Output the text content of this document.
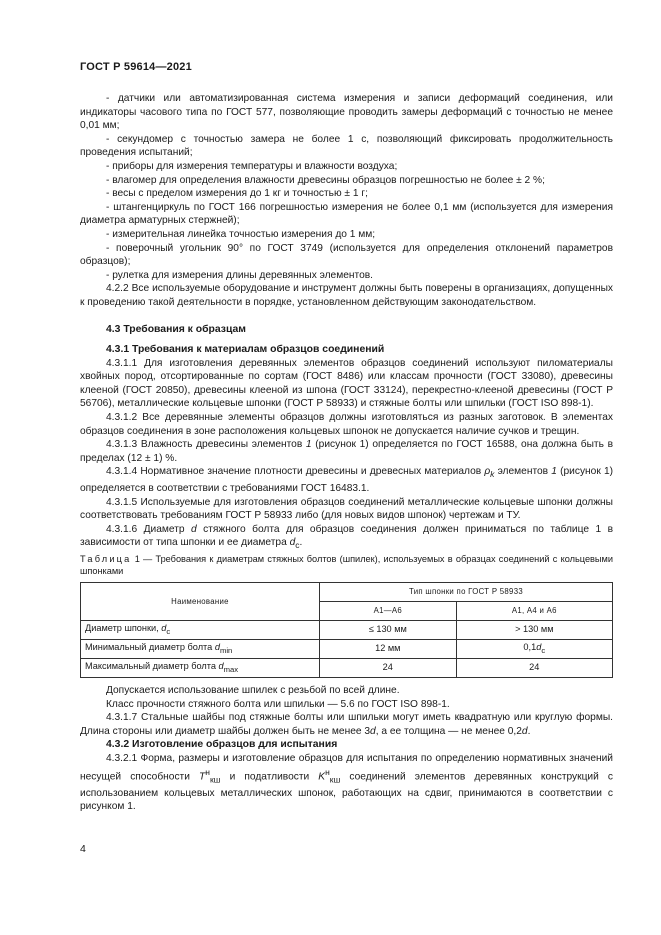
ГОСТ Р 59614—2021

- датчики или автоматизированная система измерения и записи деформаций соединения, или индикаторы часового типа по ГОСТ 577, позволяющие проводить замеры деформаций с точностью не менее 0,01 мм;

- секундомер с точностью замера не более 1 с, позволяющий фиксировать продолжительность проведения испытаний;

- приборы для измерения температуры и влажности воздуха;

- влагомер для определения влажности древесины образцов погрешностью не более ± 2 %;

- весы с пределом измерения до 1 кг и точностью ± 1 г;

- штангенциркуль по ГОСТ 166 погрешностью измерения не более 0,1 мм (используется для измерения диаметра арматурных стержней);

- измерительная линейка точностью измерения до 1 мм;

- поверочный угольник 90° по ГОСТ 3749 (используется для определения отклонений параметров образцов);

- рулетка для измерения длины деревянных элементов.

4.2.2 Все используемые оборудование и инструмент должны быть поверены в организациях, допущенных к проведению такой деятельности в порядке, установленном действующим законодательством.

4.3 Требования к образцам
4.3.1 Требования к материалам образцов соединений

4.3.1.1 Для изготовления деревянных элементов образцов соединений используют пиломатериалы хвойных пород, отсортированные по сортам (ГОСТ 8486) или классам прочности (ГОСТ 33080), древесины клееной (ГОСТ 20850), древесины клееной из шпона (ГОСТ 33124), перекрестно-клееной древесины (ГОСТ Р 56706), металлические кольцевые шпонки (ГОСТ Р 58933) и стяжные болты или шпильки (ГОСТ ISO 898-1).

4.3.1.2 Все деревянные элементы образцов должны изготовляться из разных заготовок. В элементах образцов соединения в зоне расположения кольцевых шпонок не допускается наличие сучков и трещин.

4.3.1.3 Влажность древесины элементов 1 (рисунок 1) определяется по ГОСТ 16588, она должна быть в пределах (12 ± 1) %.

4.3.1.4 Нормативное значение плотности древесины и древесных материалов $\rho_k$ элементов 1 (рисунок 1) определяется в соответствии с требованиями ГОСТ 16483.1.

4.3.1.5 Используемые для изготовления образцов соединений металлические кольцевые шпонки должны соответствовать требованиям ГОСТ Р 58933 либо (для новых видов шпонок) чертежам и ТУ.

4.3.1.6 Диаметр d стяжного болта для образцов соединения должен приниматься по таблице 1 в зависимости от типа шпонки и ее диаметра $d_c$.

Таблица 1 — Требования к диаметрам стяжных болтов (шпилек), используемых в образцах соединений с кольцевыми шпонками

Наименование	Тип шпонки по ГОСТ Р 58933	
	А1—А6	А1, А4 и А6
Диаметр шпонки, $d_c$	≤ 130 мм	> 130 мм
Минимальный диаметр болта $d_{min}$	12 мм	$0,1d_c$
Максимальный диаметр болта $d_{max}$	24	24

Допускается использование шпилек с резьбой по всей длине.

Класс прочности стяжного болта или шпильки — 5.6 по ГОСТ ISO 898-1.

4.3.1.7 Стальные шайбы под стяжные болты или шпильки могут иметь квадратную или круглую формы. Длина стороны или диаметр шайбы должен быть не менее 3d, а ее толщина — не менее 0,2d.

4.3.2 Изготовление образцов для испытания

4.3.2.1 Форма, размеры и изготовление образцов для испытания по определению нормативных значений несущей способности $T^н_{кш}$ и податливости $K^н_{кш}$ соединений элементов деревянных конструкций с использованием кольцевых металлических шпонок, работающих на сдвиг, принимаются в соответствии с рисунком 1.

4
